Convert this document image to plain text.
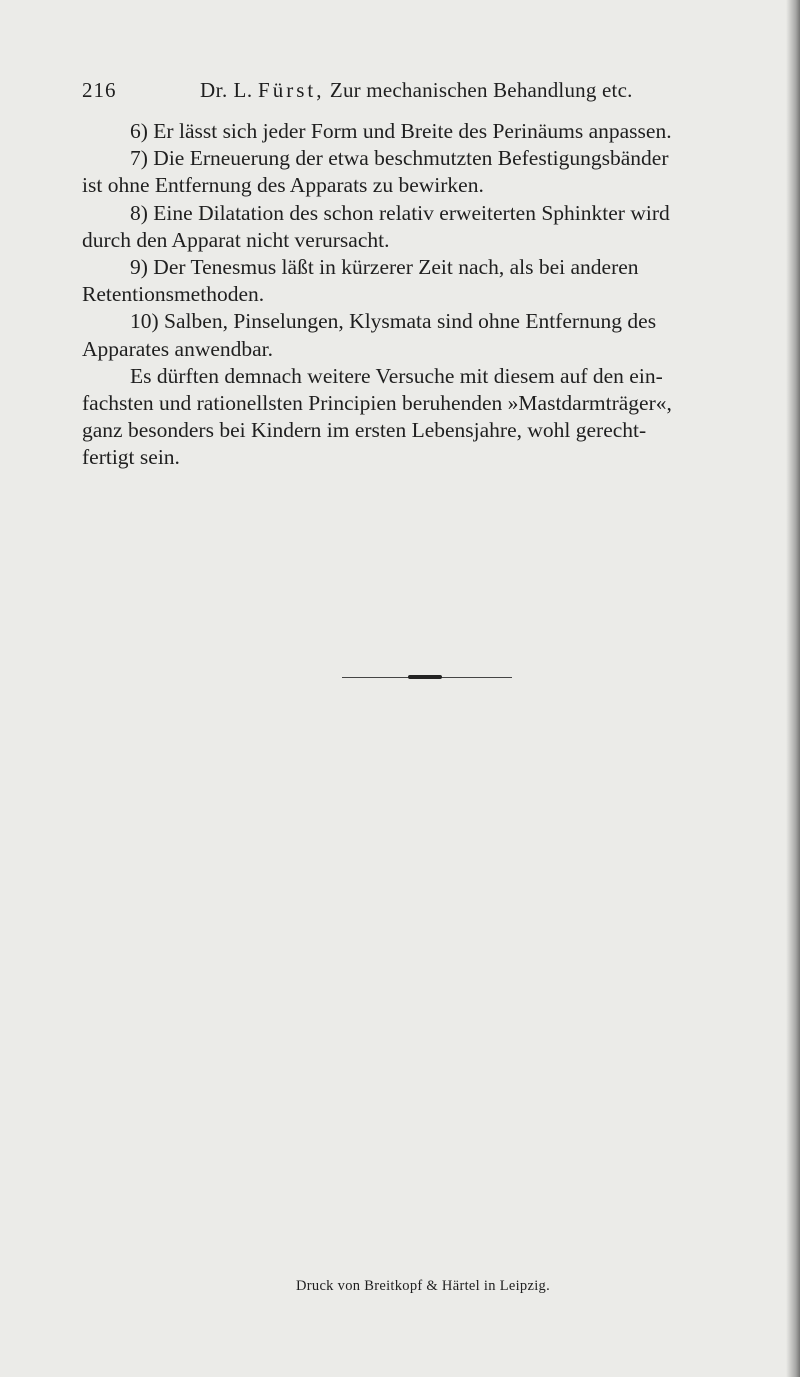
216	Dr. L. Fürst, Zur mechanischen Behandlung etc.
6) Er lässt sich jeder Form und Breite des Perinäums anpassen.
7) Die Erneuerung der etwa beschmutzten Befestigungsbänder
ist ohne Entfernung des Apparats zu bewirken.
8) Eine Dilatation des schon relativ erweiterten Sphinkter wird
durch den Apparat nicht verursacht.
9) Der Tenesmus läßt in kürzerer Zeit nach, als bei anderen
Retentionsmethoden.
10) Salben, Pinselungen, Klysmata sind ohne Entfernung des
Apparates anwendbar.
Es dürften demnach weitere Versuche mit diesem auf den ein-
fachsten und rationellsten Principien beruhenden »Mastdarmträger«,
ganz besonders bei Kindern im ersten Lebensjahre, wohl gerecht-
fertigt sein.
Druck von Breitkopf & Härtel in Leipzig.
